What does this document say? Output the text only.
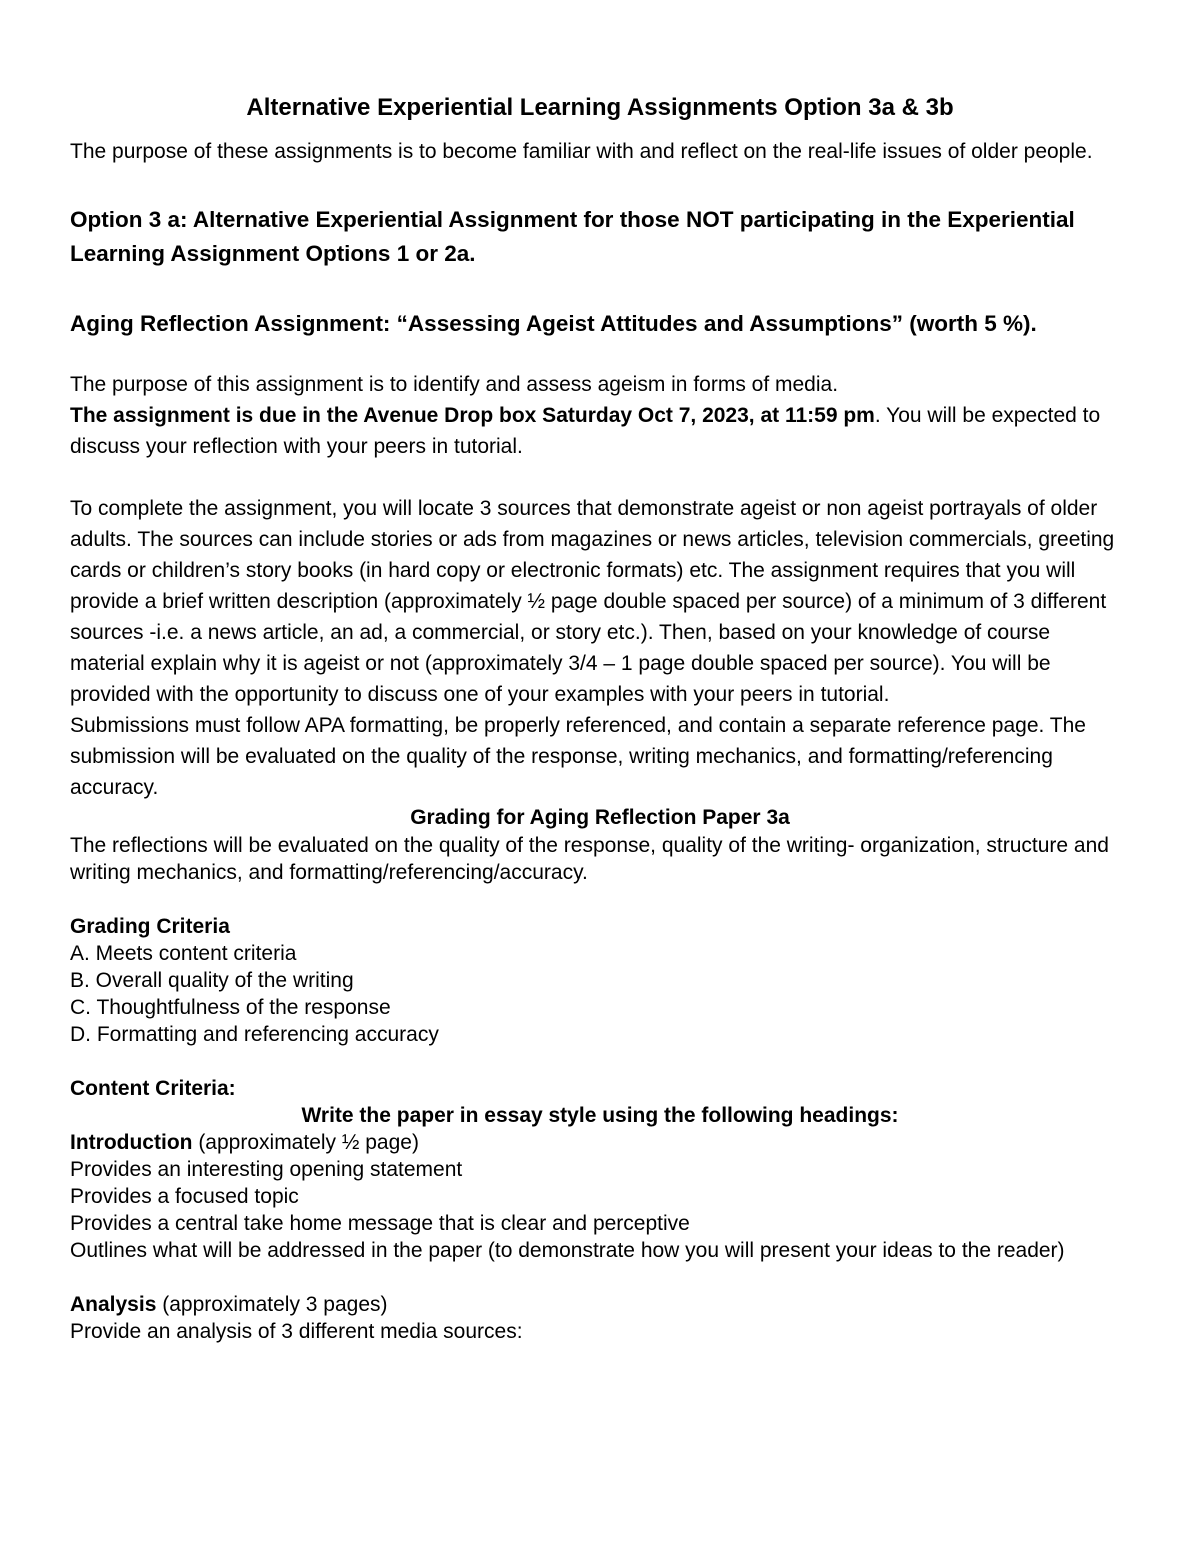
Alternative Experiential Learning Assignments Option 3a & 3b

The purpose of these assignments is to become familiar with and reflect on the real-life issues of older people.

Option 3 a: Alternative Experiential Assignment for those NOT participating in the Experiential Learning Assignment Options 1 or 2a.

Aging Reflection Assignment: “Assessing Ageist Attitudes and Assumptions” (worth 5 %).

The purpose of this assignment is to identify and assess ageism in forms of media.

The assignment is due in the Avenue Drop box Saturday Oct 7, 2023, at 11:59 pm. You will be expected to discuss your reflection with your peers in tutorial.

To complete the assignment, you will locate 3 sources that demonstrate ageist or non ageist portrayals of older adults. The sources can include stories or ads from magazines or news articles, television commercials, greeting cards or children’s story books (in hard copy or electronic formats) etc. The assignment requires that you will provide a brief written description (approximately ½ page double spaced per source) of a minimum of 3 different sources -i.e. a news article, an ad, a commercial, or story etc.). Then, based on your knowledge of course material explain why it is ageist or not (approximately 3/4 – 1 page double spaced per source). You will be provided with the opportunity to discuss one of your examples with your peers in tutorial.

Submissions must follow APA formatting, be properly referenced, and contain a separate reference page. The submission will be evaluated on the quality of the response, writing mechanics, and formatting/referencing accuracy.

Grading for Aging Reflection Paper 3a

The reflections will be evaluated on the quality of the response, quality of the writing- organization, structure and writing mechanics, and formatting/referencing/accuracy.

Grading Criteria

A. Meets content criteria

B. Overall quality of the writing

C. Thoughtfulness of the response

D. Formatting and referencing accuracy

Content Criteria:

Write the paper in essay style using the following headings:

Introduction (approximately ½ page)

Provides an interesting opening statement

Provides a focused topic

Provides a central take home message that is clear and perceptive

Outlines what will be addressed in the paper (to demonstrate how you will present your ideas to the reader)

Analysis (approximately 3 pages)

Provide an analysis of 3 different media sources:
